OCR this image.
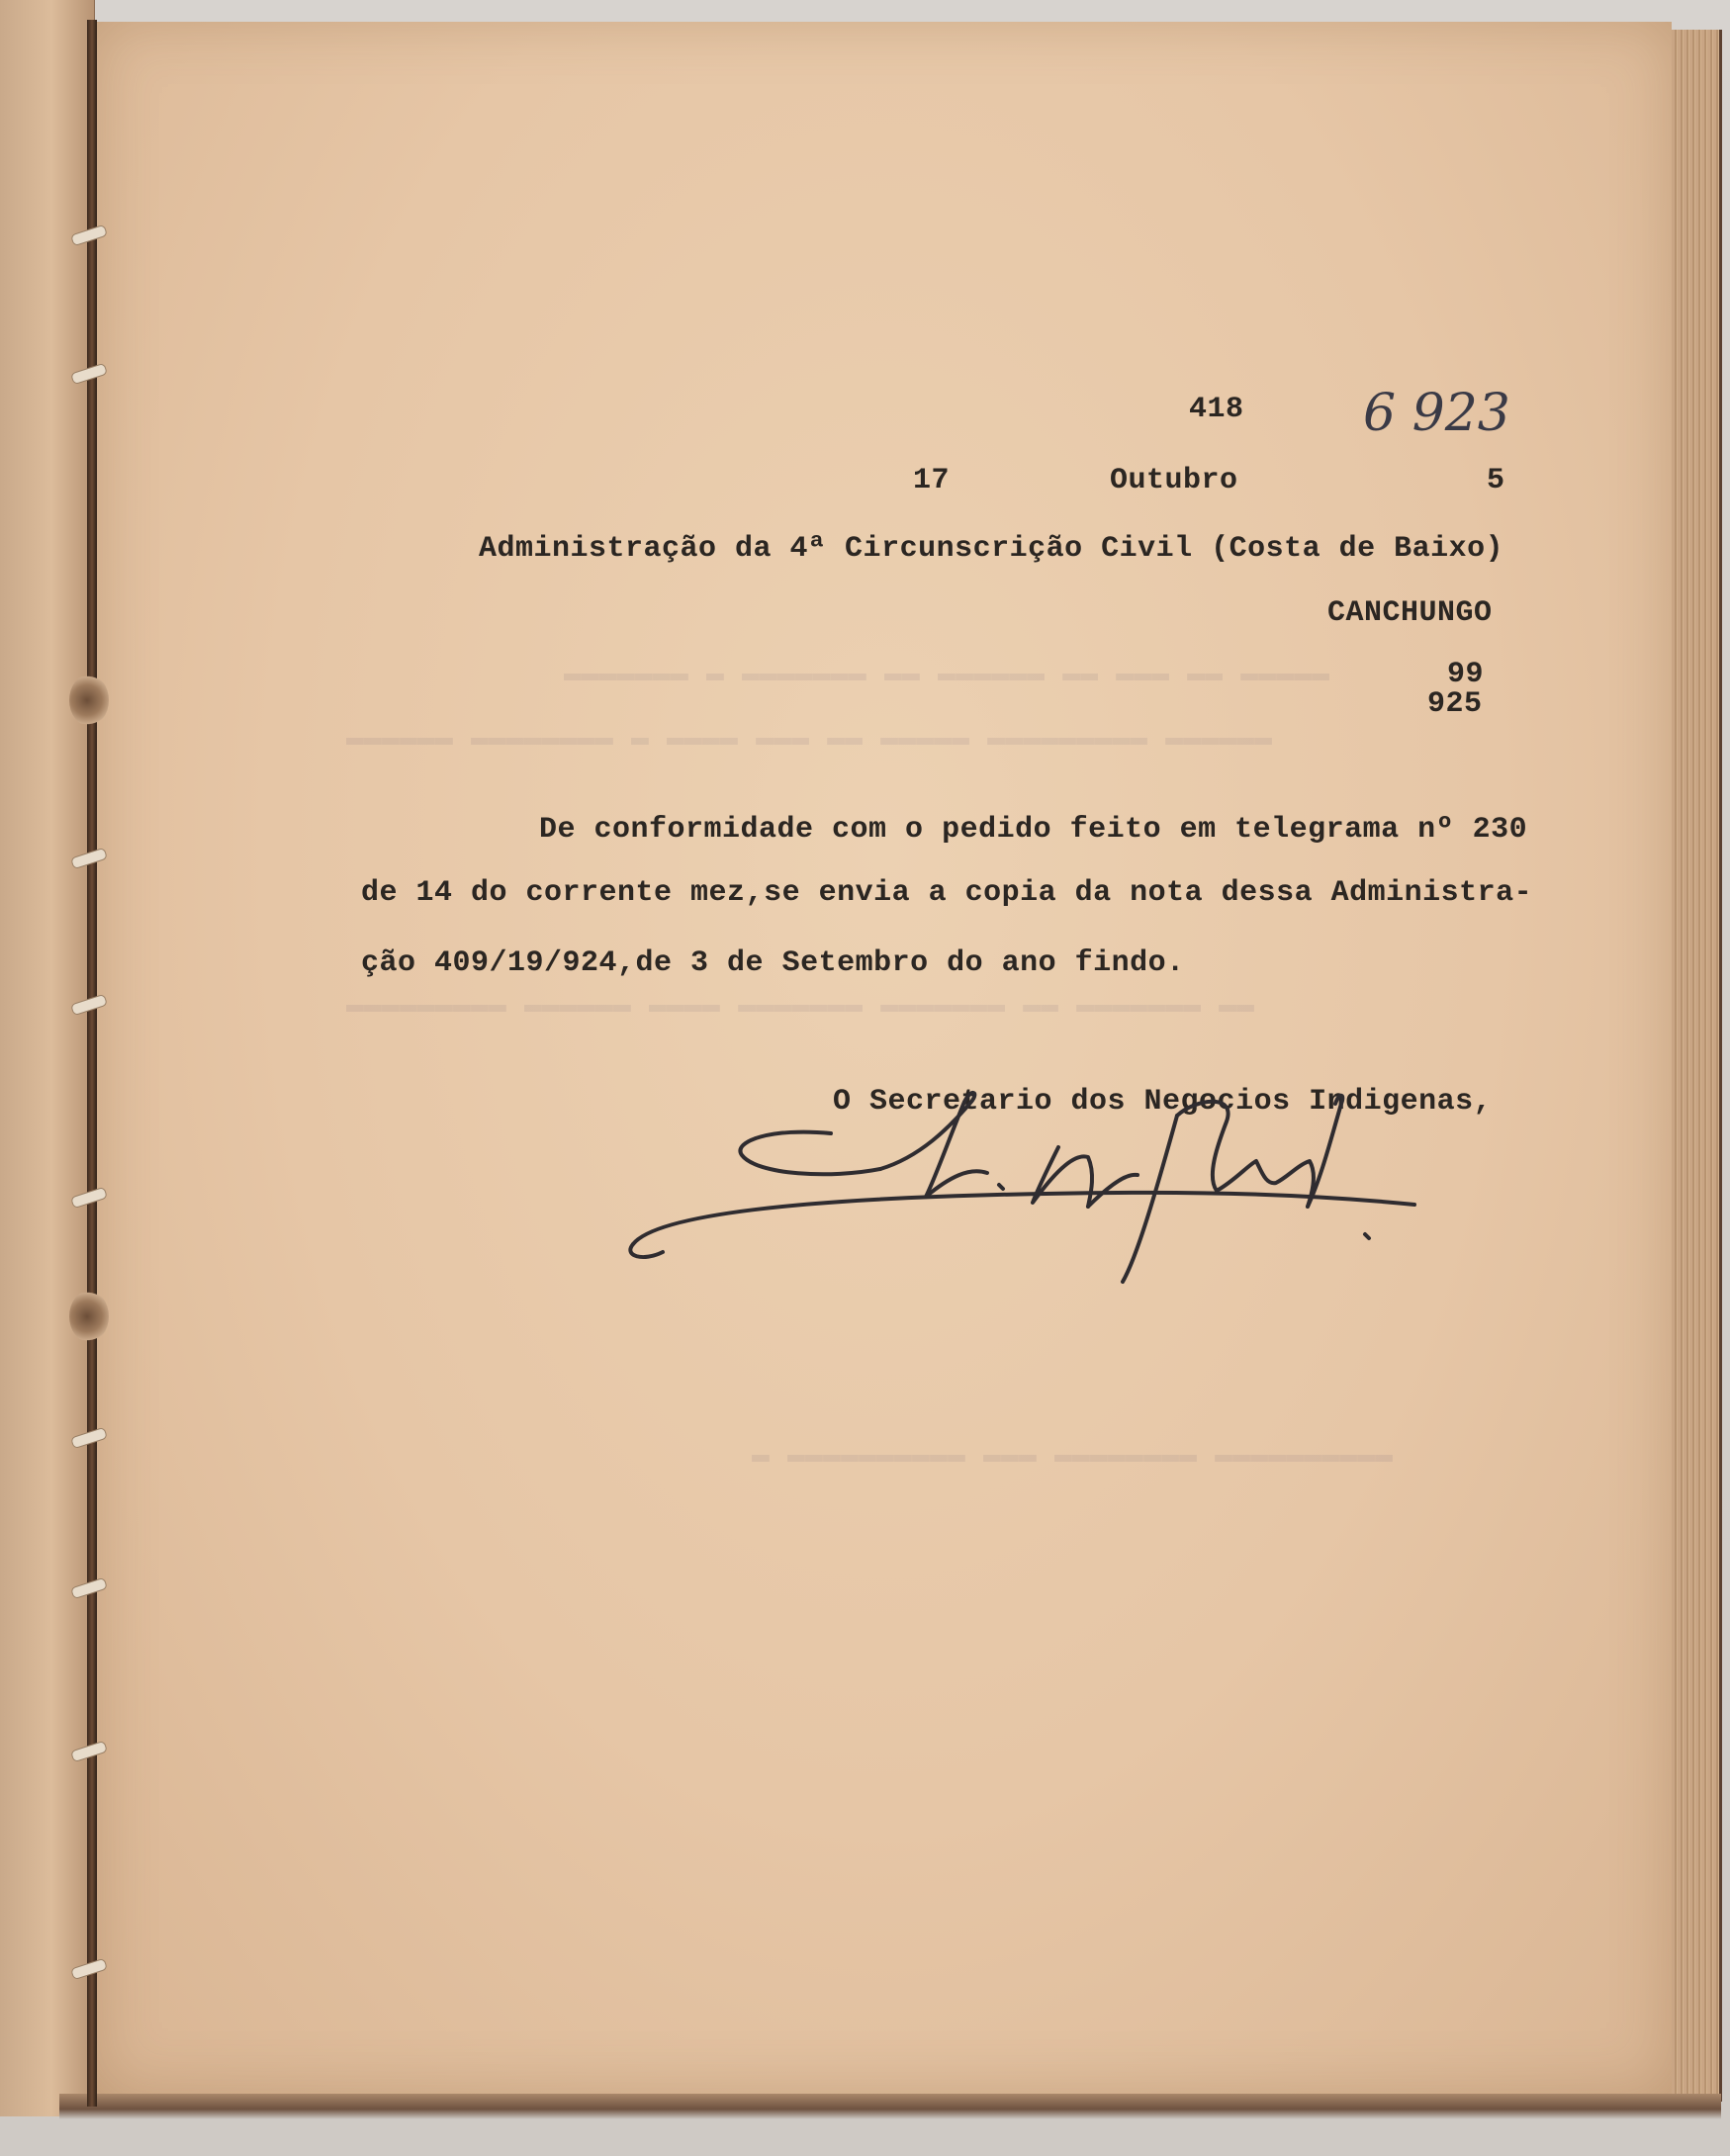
▬▬▬▬▬▬▬ ▬ ▬▬▬▬▬▬▬ ▬▬ ▬▬▬▬▬▬ ▬▬ ▬▬▬ ▬▬ ▬▬▬▬▬
▬▬▬▬▬▬ ▬▬▬▬▬▬▬▬ ▬ ▬▬▬▬ ▬▬▬ ▬▬ ▬▬▬▬▬ ▬▬▬▬▬▬▬▬▬ ▬▬▬▬▬▬
▬▬▬▬▬▬▬▬▬ ▬▬▬▬▬▬ ▬▬▬▬ ▬▬▬▬▬▬▬ ▬▬▬▬▬▬▬ ▬▬ ▬▬▬▬▬▬▬ ▬▬
▬ ▬▬▬▬▬▬▬▬▬▬ ▬▬▬ ▬▬▬▬▬▬▬▬ ▬▬▬▬▬▬▬▬▬▬
418 6 923
17	Outubro	5
Administração da 4ª Circunscrição Civil (Costa de Baixo)
CANCHUNGO
99
925
De conformidade com o pedido feito em telegrama nº 230
de 14 do corrente mez,se envia a copia da nota dessa Administra-
ção 409/19/924,de 3 de Setembro do ano findo.
O Secretario dos Negocios Indigenas,
